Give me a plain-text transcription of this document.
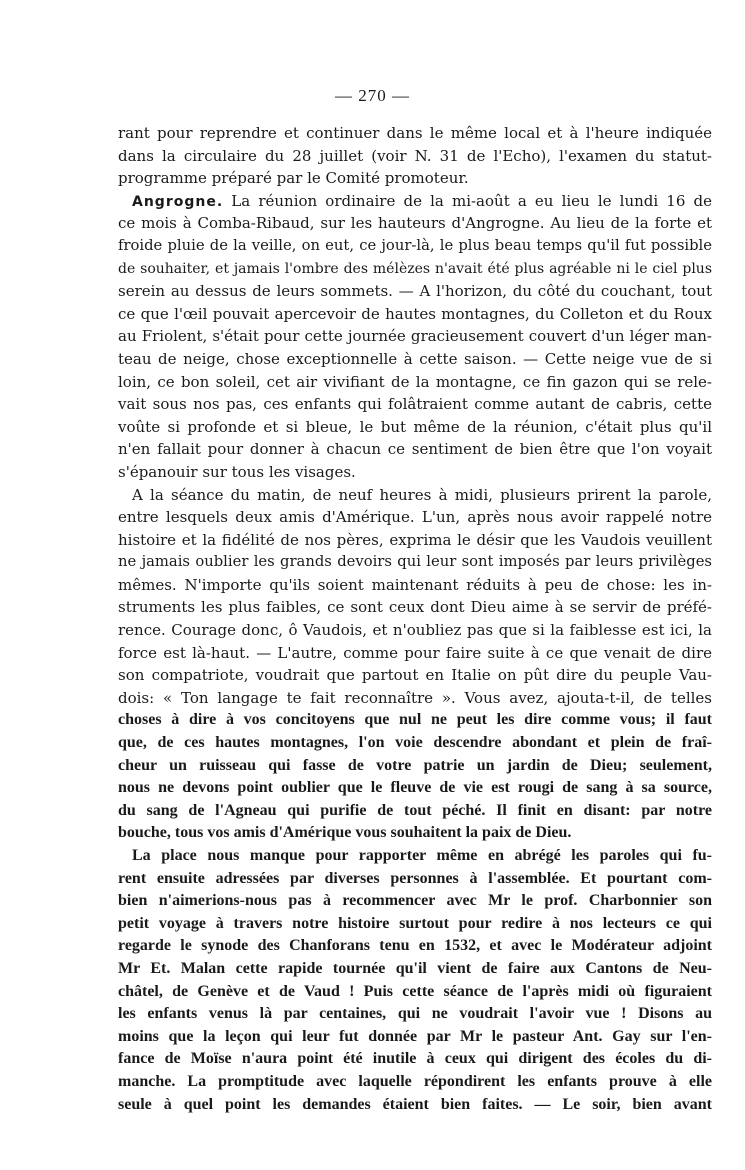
— 270 —
rant pour reprendre et continuer dans le même local et à l'heure indiquée
dans la circulaire du 28 juillet (voir N. 31 de l'Echo), l'examen du statut-
programme préparé par le Comité promoteur.
Angrogne. La réunion ordinaire de la mi-août a eu lieu le lundi 16 de
ce mois à Comba-Ribaud, sur les hauteurs d'Angrogne. Au lieu de la forte et
froide pluie de la veille, on eut, ce jour-là, le plus beau temps qu'il fut possible
de souhaiter, et jamais l'ombre des mélèzes n'avait été plus agréable ni le ciel plus
serein au dessus de leurs sommets. — A l'horizon, du côté du couchant, tout
ce que l'œil pouvait apercevoir de hautes montagnes, du Colleton et du Roux
au Friolent, s'était pour cette journée gracieusement couvert d'un léger man-
teau de neige, chose exceptionnelle à cette saison. — Cette neige vue de si
loin, ce bon soleil, cet air vivifiant de la montagne, ce fin gazon qui se rele-
vait sous nos pas, ces enfants qui folâtraient comme autant de cabris, cette
voûte si profonde et si bleue, le but même de la réunion, c'était plus qu'il
n'en fallait pour donner à chacun ce sentiment de bien être que l'on voyait
s'épanouir sur tous les visages.
A la séance du matin, de neuf heures à midi, plusieurs prirent la parole,
entre lesquels deux amis d'Amérique. L'un, après nous avoir rappelé notre
histoire et la fidélité de nos pères, exprima le désir que les Vaudois veuillent
ne jamais oublier les grands devoirs qui leur sont imposés par leurs privilèges
mêmes. N'importe qu'ils soient maintenant réduits à peu de chose: les in-
struments les plus faibles, ce sont ceux dont Dieu aime à se servir de préfé-
rence. Courage donc, ô Vaudois, et n'oubliez pas que si la faiblesse est ici, la
force est là-haut. — L'autre, comme pour faire suite à ce que venait de dire
son compatriote, voudrait que partout en Italie on pût dire du peuple Vau-
dois: « Ton langage te fait reconnaître ». Vous avez, ajouta-t-il, de telles
choses à dire à vos concitoyens que nul ne peut les dire comme vous; il faut
que, de ces hautes montagnes, l'on voie descendre abondant et plein de fraî-
cheur un ruisseau qui fasse de votre patrie un jardin de Dieu; seulement,
nous ne devons point oublier que le fleuve de vie est rougi de sang à sa source,
du sang de l'Agneau qui purifie de tout péché. Il finit en disant: par notre
bouche, tous vos amis d'Amérique vous souhaitent la paix de Dieu.
La place nous manque pour rapporter même en abrégé les paroles qui fu-
rent ensuite adressées par diverses personnes à l'assemblée. Et pourtant com-
bien n'aimerions-nous pas à recommencer avec Mr le prof. Charbonnier son
petit voyage à travers notre histoire surtout pour redire à nos lecteurs ce qui
regarde le synode des Chanforans tenu en 1532, et avec le Modérateur adjoint
Mr Et. Malan cette rapide tournée qu'il vient de faire aux Cantons de Neu-
châtel, de Genève et de Vaud ! Puis cette séance de l'après midi où figuraient
les enfants venus là par centaines, qui ne voudrait l'avoir vue ! Disons au
moins que la leçon qui leur fut donnée par Mr le pasteur Ant. Gay sur l'en-
fance de Moïse n'aura point été inutile à ceux qui dirigent des écoles du di-
manche. La promptitude avec laquelle répondirent les enfants prouve à elle
seule à quel point les demandes étaient bien faites. — Le soir, bien avant
